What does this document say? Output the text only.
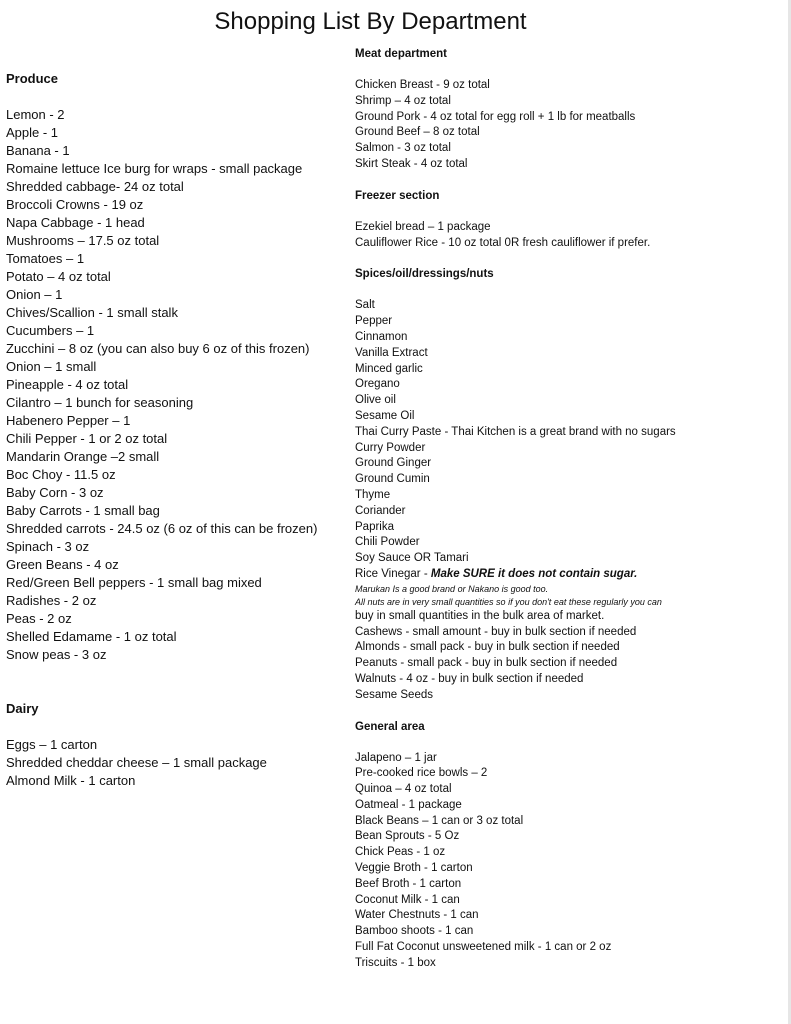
Shopping List By Department
Produce
Lemon - 2
Apple - 1
Banana - 1
Romaine lettuce Ice burg for wraps - small package
Shredded cabbage- 24 oz total
Broccoli Crowns - 19 oz
Napa Cabbage - 1 head
Mushrooms – 17.5 oz total
Tomatoes – 1
Potato – 4 oz total
Onion – 1
Chives/Scallion - 1 small stalk
Cucumbers – 1
Zucchini – 8 oz (you can also buy 6 oz of this frozen)
Onion – 1 small
Pineapple - 4 oz total
Cilantro – 1 bunch for seasoning
Habenero Pepper – 1
Chili Pepper - 1 or 2 oz total
Mandarin Orange –2 small
Boc Choy - 11.5 oz
Baby Corn - 3 oz
Baby Carrots - 1 small bag
Shredded carrots - 24.5 oz (6 oz of this can be frozen)
Spinach - 3 oz
Green Beans - 4 oz
Red/Green Bell peppers - 1 small bag mixed
Radishes - 2 oz
Peas - 2 oz
Shelled Edamame - 1 oz total
Snow peas - 3 oz
Dairy
Eggs – 1 carton
Shredded cheddar cheese – 1 small package
Almond Milk - 1 carton
Meat department
Chicken Breast - 9 oz total
Shrimp – 4 oz total
Ground Pork - 4 oz total for egg roll + 1 lb for meatballs
Ground Beef – 8 oz total
Salmon - 3 oz total
Skirt Steak - 4 oz total
Freezer section
Ezekiel bread – 1 package
Cauliflower Rice - 10 oz total 0R fresh cauliflower if prefer.
Spices/oil/dressings/nuts
Salt
Pepper
Cinnamon
Vanilla Extract
Minced garlic
Oregano
Olive oil
Sesame Oil
Thai Curry Paste - Thai Kitchen is a great brand with no sugars
Curry Powder
Ground Ginger
Ground Cumin
Thyme
Coriander
Paprika
Chili Powder
Soy Sauce OR Tamari
Rice Vinegar - Make SURE it does not contain sugar.
Marukan Is a good brand or Nakano is good too.
All nuts are in very small quantities so if you don't eat these regularly you can
buy in small quantities in the bulk area of market.
Cashews - small amount - buy in bulk section if needed
Almonds - small pack - buy in bulk section if needed
Peanuts - small pack - buy in bulk section if needed
Walnuts - 4 oz - buy in bulk section if needed
Sesame Seeds
General area
Jalapeno – 1 jar
Pre-cooked rice bowls – 2
Quinoa – 4 oz total
Oatmeal - 1 package
Black Beans – 1 can or 3 oz total
Bean Sprouts - 5 Oz
Chick Peas - 1 oz
Veggie Broth - 1 carton
Beef Broth - 1 carton
Coconut Milk - 1 can
Water Chestnuts - 1 can
Bamboo shoots - 1 can
Full Fat Coconut unsweetened milk - 1 can or 2 oz
Triscuits - 1 box
